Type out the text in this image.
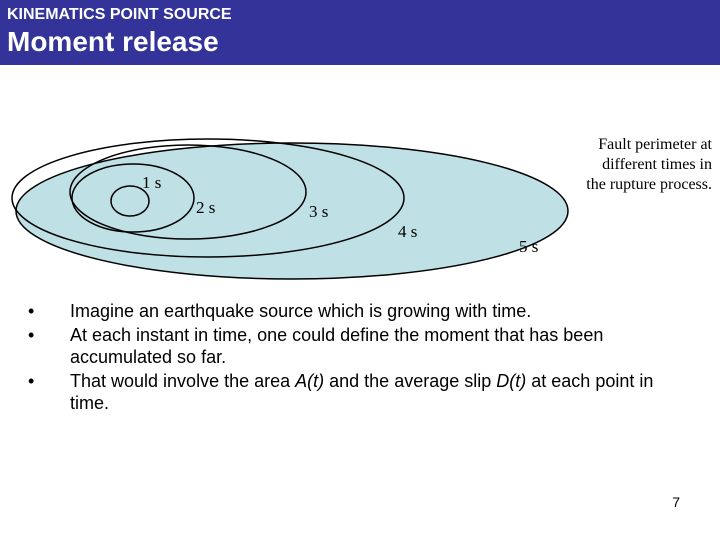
KINEMATICS POINT SOURCE
Moment release
1 s
2 s	3 s
4 s
5 s
Fault perimeter at
different times in
the rupture process.
• Imagine an earthquake source which is growing with time.
• At each instant in time, one could define the moment that has been accumulated so far.
• That would involve the area A(t) and the average slip D(t) at each point in time.
7
